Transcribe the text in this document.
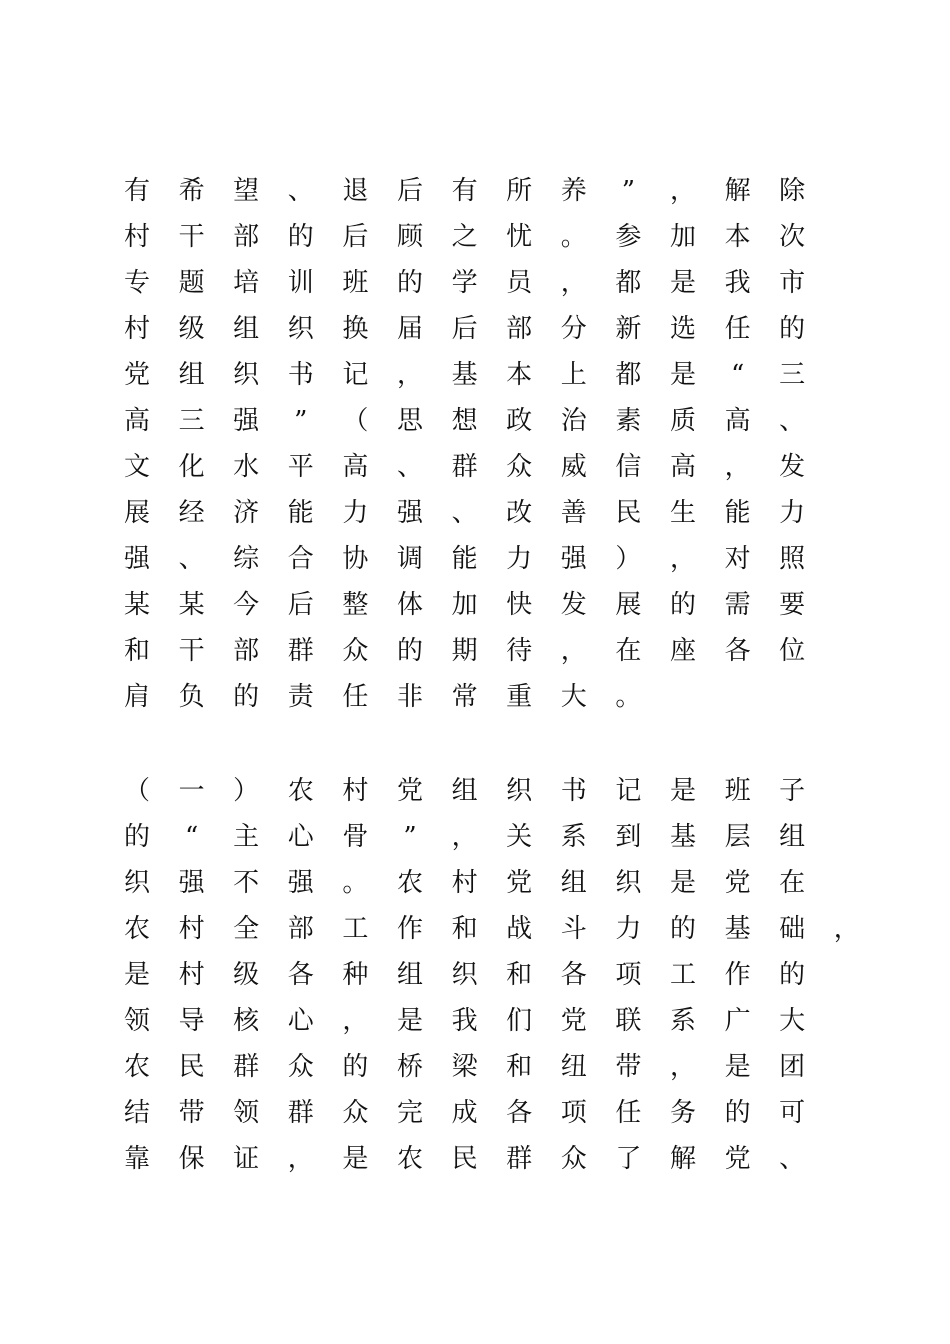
有 希 望 、 退 后 有 所 养	”	， 解 除
村 干 部 的 后 顾 之 忧 。 参 加 本 次
专 题 培 训 班 的 学 员 ， 都 是 我 市
村 级 组 织 换 届 后 部 分 新 选 任 的
党 组 织 书 记 ， 基 本 上 都 是	“	三
高 三 强	”	（ 思 想 政 治 素 质 高 、
文 化 水 平 高 、 群 众 威 信 高 ， 发
展 经 济 能 力 强 、 改 善 民 生 能 力
强 、 综 合 协 调 能 力 强 ） ， 对 照
某 某 今 后 整 体 加 快 发 展 的 需 要
和 干 部 群 众 的 期 待 ， 在 座 各 位
肩 负 的 责 任 非 常 重 大 。
（ 一 ） 农 村 党 组 织 书 记 是 班 子
的	“	主 心 骨	”	， 关 系 到 基 层 组
织 强 不 强 。 农 村 党 组 织 是 党 在
农 村 全 部 工 作 和 战 斗 力 的 基 础 ，
是 村 级 各 种 组 织 和 各 项 工 作 的
领 导 核 心 ， 是 我 们 党 联 系 广 大
农 民 群 众 的 桥 梁 和 纽 带 ， 是 团
结 带 领 群 众 完 成 各 项 任 务 的 可
靠 保 证 ， 是 农 民 群 众 了 解 党 、
